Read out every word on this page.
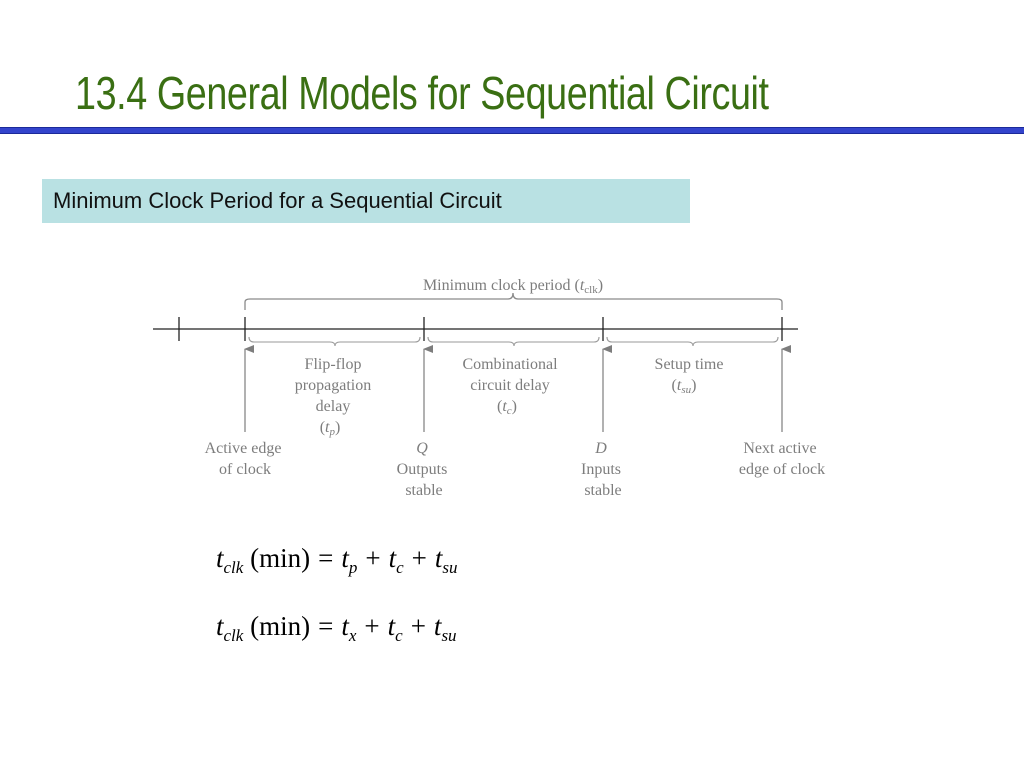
13.4 General Models for Sequential Circuit
Minimum Clock Period for a Sequential Circuit
Minimum clock period (tclk)
Flip-flop propagation delay (tp)
Combinational circuit delay (tc)
Setup time (tsu)
Active edge of clock
Q Outputs stable
D Inputs stable
Next active edge of clock
$t_{clk}$ $(\min) = t_p + t_c + t_{su}$
$t_{clk}$ $(\min) = t_x + t_c + t_{su}$
